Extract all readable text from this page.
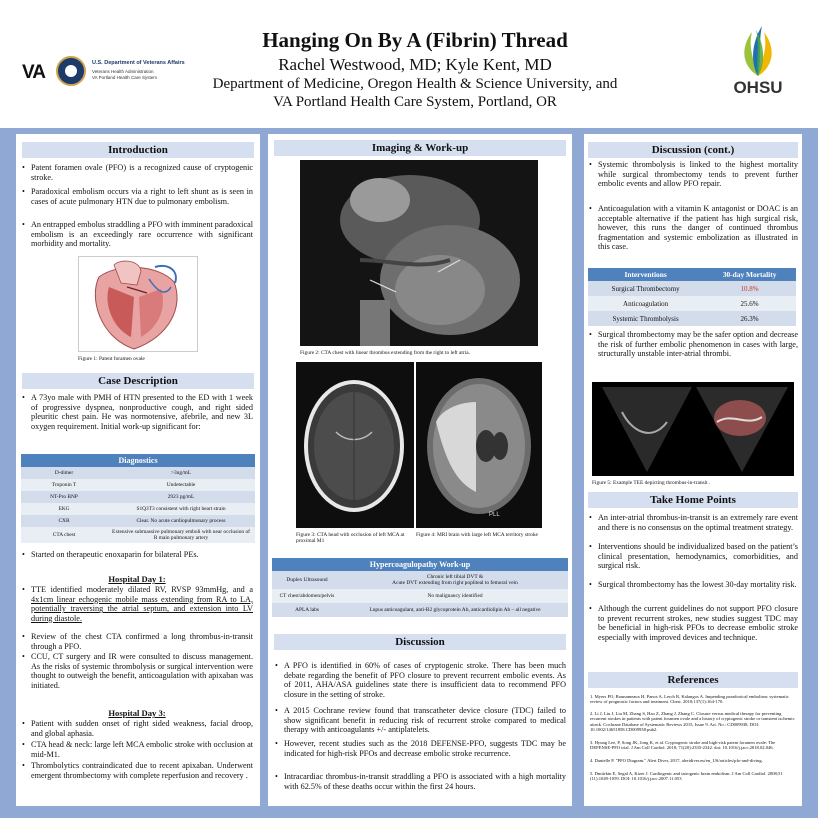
VA	U.S. Department of Veterans Affairs
Veterans Health Administration
VA Portland Health Care System
Hanging On By A (Fibrin) Thread
Rachel Westwood, MD; Kyle Kent, MD
Department of Medicine, Oregon Health & Science University, and
VA Portland Health Care System, Portland, OR
OHSU
Introduction
• Patent foramen ovale (PFO) is a recognized cause of cryptogenic stroke.
• Paradoxical embolism occurs via a right to left shunt as is seen in cases of acute pulmonary HTN due to pulmonary embolism.
• An entrapped embolus straddling a PFO with imminent paradoxical embolism is an exceedingly rare occurrence with significant morbidity and mortality.
Figure 1: Patent foramen ovale
Case Description
• A 73yo male with PMH of HTN presented to the ED with 1 week of progressive dyspnea, nonproductive cough, and right sided pleuritic chest pain. He was normotensive, afebrile, and new 3L oxygen requirement. Initial work-up significant for:
Diagnostics	
D-dimer	>3ug/mL
Troponin T	Undetectable
NT-Pro BNP	2923 pg/mL
EKG	S1Q3T3 consistent with right heart strain
CXR	Clear. No acute cardiopulmonary process
CTA chest	Extensive submassive pulmonary emboli with near occlusion of R main pulmonary artery
• Started on therapeutic enoxaparin for bilateral PEs.
Hospital Day 1:
• TTE identified moderately dilated RV, RVSP 93mmHg, and a 4x1cm linear echogenic mobile mass extending from RA to LA, potentially traversing the atrial septum, and extension into LV during diastole.
• Review of the chest CTA confirmed a long thrombus-in-transit through a PFO.
• CCU, CT surgery and IR were consulted to discuss management. As the risks of systemic thrombolysis or surgical intervention were thought to outweigh the benefit, anticoagulation with apixaban was initiated.
Hospital Day 3:
• Patient with sudden onset of right sided weakness, facial droop, and global aphasia.
• CTA head & neck: large left MCA embolic stroke with occlusion at mid-M1.
• Thrombolytics contraindicated due to recent apixaban. Underwent emergent thrombectomy with complete reperfusion and recovery .
Imaging & Work-up
Figure 2: CTA chest with linear thrombus extending from the right to left atria.
Figure 3: CTA head with occlusion of left MCA at proximal M1
PLL
Figure 4: MRI brain with large left MCA territory stroke
Hypercoagulopathy Work-up	
Duplex Ultrasound	Chronic left tibial DVT &
Acute DVT extending from right popliteal to femoral vein
CT chest/abdomen/pelvis	No malignancy identified
APLA labs	Lupus anticoagulant, anti-B2 glycoprotein Ab, anticardiolipin Ab – all negative
Discussion
• A PFO is identified in 60% of cases of cryptogenic stroke. There has been much debate regarding the benefit of PFO closure to prevent recurrent embolic events. As of 2011, AHA/ASA guidelines state there is insufficient data to recommend PFO closure in the setting of stroke.
• A 2015 Cochrane review found that transcatheter device closure (TDC) failed to show significant benefit in reducing risk of recurrent stroke compared to medical therapy with anticoagulants +/- antiplatelets.
• However, recent studies such as the 2018 DEFENSE-PFO, suggests TDC may be indicated for high-risk PFOs and decrease embolic stroke recurrence.
• Intracardiac thrombus-in-transit straddling a PFO is associated with a high mortality with 62.5% of these deaths occur within the first 24 hours.
Discussion (cont.)
• Systemic thrombolysis is linked to the highest mortality while surgical thrombectomy tends to prevent further embolic events and allow PFO repair.
• Anticoagulation with a vitamin K antagonist or DOAC is an acceptable alternative if the patient has high surgical risk, however, this runs the danger of continued thrombus fragmentation and systemic embolization as illustrated in this case.
Interventions	30-day Mortality
Surgical Thrombectomy	10.8%
Anticoagulation	25.6%
Systemic Thrombolysis	26.3%
• Surgical thrombectomy may be the safer option and decrease the risk of further embolic phenomenon in cases with large, structurally unstable inter-atrial thrombi.
Figure 5: Example TEE depicting thrombus-in-transit .
Take Home Points
• An inter-atrial thrombus-in-transit is an extremely rare event and there is no consensus on the optimal treatment strategy.
• Interventions should be individualized based on the patient’s clinical presentation, hemodynamics, comorbidities, and surgical risk.
• Surgical thrombectomy has the lowest 30-day mortality risk.
• Although the current guidelines do not support PFO closure to prevent recurrent strokes, new studies suggest TDC may be beneficial in high-risk PFOs to decrease embolic stroke especially with improved devices and technique.
References
1. Myers PO, Bounameaux H, Panos A, Lerch R, Kalangos A. Impending paradoxical embolism: systematic review of prognostic factors and treatment. Chest. 2010;137(1):164-170.
2. Li J, Liu J, Liu M, Zhang S, Hao Z, Zhang J, Zhang C. Closure versus medical therapy for preventing recurrent strokes in patients with patent foramen ovale and a history of cryptogenic stroke or transient ischemic attack. Cochrane Database of Systematic Reviews 2015, Issue 9. Art. No.: CD009938. DOI: 10.1002/14651858.CD009938.pub2.
3. Hyung Lee, P, Song JK, Jong K, et al. Cryptogenic stroke and high-risk patent foramen ovale: The DEFENSE-PFO trial. J Am Coll Cardiol. 2018; 71(20):2335-2342. doi: 10.1016/j.jacc.2018.02.046.
4. Danielle P. "PFO Diagram." Alert Diver, 2017, alertdiver.eu/en_US/articles/pfo-and-diving.
5. Dmitrkin E, Segal A, Kizer J. Cardiogenic and iatrogenic brain embolism. J Am Coll Cardiol. 2008;51 (11):1049-1059. DOI: 10.1016/j.jacc.2007.11.053
